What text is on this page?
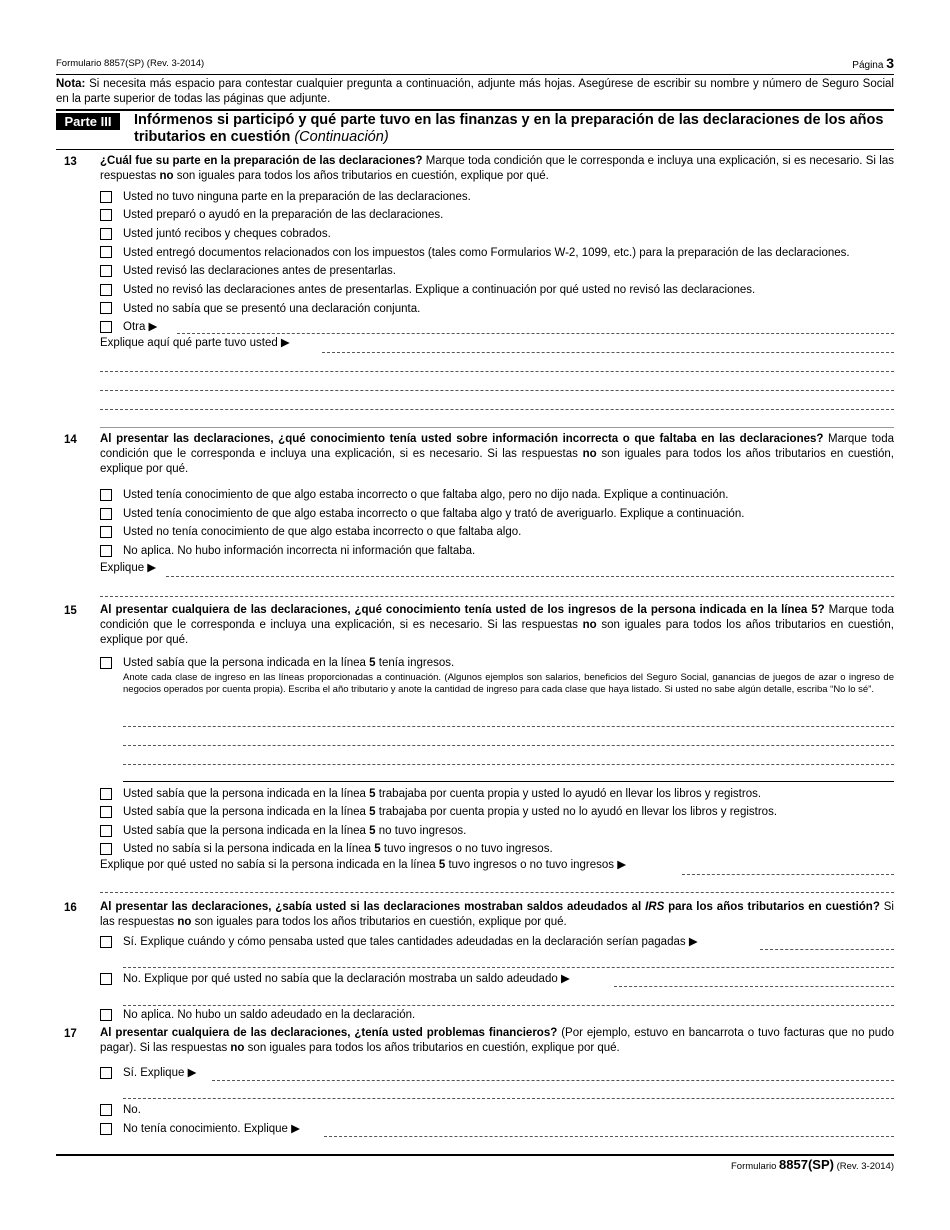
Formulario 8857(SP) (Rev. 3-2014)	Página 3
Nota: Si necesita más espacio para contestar cualquier pregunta a continuación, adjunte más hojas. Asegúrese de escribir su nombre y número de Seguro Social en la parte superior de todas las páginas que adjunte.
Parte III	Infórmenos si participó y qué parte tuvo en las finanzas y en la preparación de las declaraciones de los años tributarios en cuestión (Continuación)
13 ¿Cuál fue su parte en la preparación de las declaraciones? Marque toda condición que le corresponda e incluya una explicación, si es necesario. Si las respuestas no son iguales para todos los años tributarios en cuestión, explique por qué.
Usted no tuvo ninguna parte en la preparación de las declaraciones.
Usted preparó o ayudó en la preparación de las declaraciones.
Usted juntó recibos y cheques cobrados.
Usted entregó documentos relacionados con los impuestos (tales como Formularios W-2, 1099, etc.) para la preparación de las declaraciones.
Usted revisó las declaraciones antes de presentarlas.
Usted no revisó las declaraciones antes de presentarlas. Explique a continuación por qué usted no revisó las declaraciones.
Usted no sabía que se presentó una declaración conjunta.
Otra ▶
Explique aquí qué parte tuvo usted ▶
14 Al presentar las declaraciones, ¿qué conocimiento tenía usted sobre información incorrecta o que faltaba en las declaraciones? Marque toda condición que le corresponda e incluya una explicación, si es necesario. Si las respuestas no son iguales para todos los años tributarios en cuestión, explique por qué.
Usted tenía conocimiento de que algo estaba incorrecto o que faltaba algo, pero no dijo nada. Explique a continuación.
Usted tenía conocimiento de que algo estaba incorrecto o que faltaba algo y trató de averiguarlo. Explique a continuación.
Usted no tenía conocimiento de que algo estaba incorrecto o que faltaba algo.
No aplica. No hubo información incorrecta ni información que faltaba.
Explique ▶
15 Al presentar cualquiera de las declaraciones, ¿qué conocimiento tenía usted de los ingresos de la persona indicada en la línea 5? Marque toda condición que le corresponda e incluya una explicación, si es necesario. Si las respuestas no son iguales para todos los años tributarios en cuestión, explique por qué.
Usted sabía que la persona indicada en la línea 5 tenía ingresos.
Anote cada clase de ingreso en las líneas proporcionadas a continuación. (Algunos ejemplos son salarios, beneficios del Seguro Social, ganancias de juegos de azar o ingreso de negocios operados por cuenta propia). Escriba el año tributario y anote la cantidad de ingreso para cada clase que haya listado. Si usted no sabe algún detalle, escriba “No lo sé”.
Usted sabía que la persona indicada en la línea 5 trabajaba por cuenta propia y usted lo ayudó en llevar los libros y registros.
Usted sabía que la persona indicada en la línea 5 trabajaba por cuenta propia y usted no lo ayudó en llevar los libros y registros.
Usted sabía que la persona indicada en la línea 5 no tuvo ingresos.
Usted no sabía si la persona indicada en la línea 5 tuvo ingresos o no tuvo ingresos.
Explique por qué usted no sabía si la persona indicada en la línea 5 tuvo ingresos o no tuvo ingresos ▶
16 Al presentar las declaraciones, ¿sabía usted si las declaraciones mostraban saldos adeudados al IRS para los años tributarios en cuestión? Si las respuestas no son iguales para todos los años tributarios en cuestión, explique por qué.
Sí. Explique cuándo y cómo pensaba usted que tales cantidades adeudadas en la declaración serían pagadas ▶
No. Explique por qué usted no sabía que la declaración mostraba un saldo adeudado ▶
No aplica. No hubo un saldo adeudado en la declaración.
17 Al presentar cualquiera de las declaraciones, ¿tenía usted problemas financieros? (Por ejemplo, estuvo en bancarrota o tuvo facturas que no pudo pagar). Si las respuestas no son iguales para todos los años tributarios en cuestión, explique por qué.
Sí. Explique ▶
No.
No tenía conocimiento. Explique ▶
Formulario 8857(SP) (Rev. 3-2014)
